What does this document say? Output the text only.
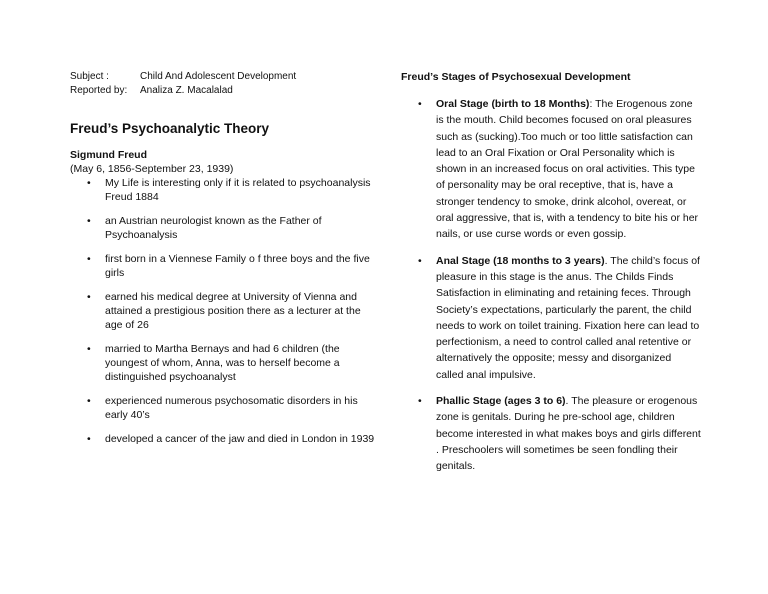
Subject :	Child And Adolescent Development
Reported by:	Analiza Z. Macalalad
Freud’s Psychoanalytic Theory
Sigmund Freud
(May 6, 1856-September 23, 1939)
• My Life is interesting only if it is related to psychoanalysis Freud 1884
• an Austrian neurologist known as the Father of Psychoanalysis
• first born in a Viennese Family o f three boys and the five girls
• earned his medical degree at University of Vienna and attained a prestigious position there as a lecturer at the age of 26
• married to Martha Bernays and had 6 children (the youngest of whom, Anna, was to herself become a distinguished psychoanalyst
• experienced numerous psychosomatic disorders in his early 40’s
• developed a cancer of the jaw and died in London in 1939
Freud’s Stages of Psychosexual Development
• Oral Stage (birth to 18 Months): The Erogenous zone is the mouth. Child becomes focused on oral pleasures such as (sucking).Too much or too little satisfaction can lead to an Oral Fixation or Oral Personality which is shown in an increased focus on oral activities. This type of personality may be oral receptive, that is, have a stronger tendency to smoke, drink alcohol, overeat, or oral aggressive, that is, with a tendency to bite his or her nails, or use curse words or even gossip.
• Anal Stage (18 months to 3 years). The child’s focus of pleasure in this stage is the anus. The Childs Finds Satisfaction in eliminating and retaining feces. Through Society’s expectations, particularly the parent, the child needs to work on toilet training. Fixation here can lead to perfectionism, a need to control called anal retentive or alternatively the opposite; messy and disorganized called anal impulsive.
• Phallic Stage (ages 3 to 6). The pleasure or erogenous zone is genitals. During he pre-school age, children become interested in what makes boys and girls different . Preschoolers will sometimes be seen fondling their genitals.
